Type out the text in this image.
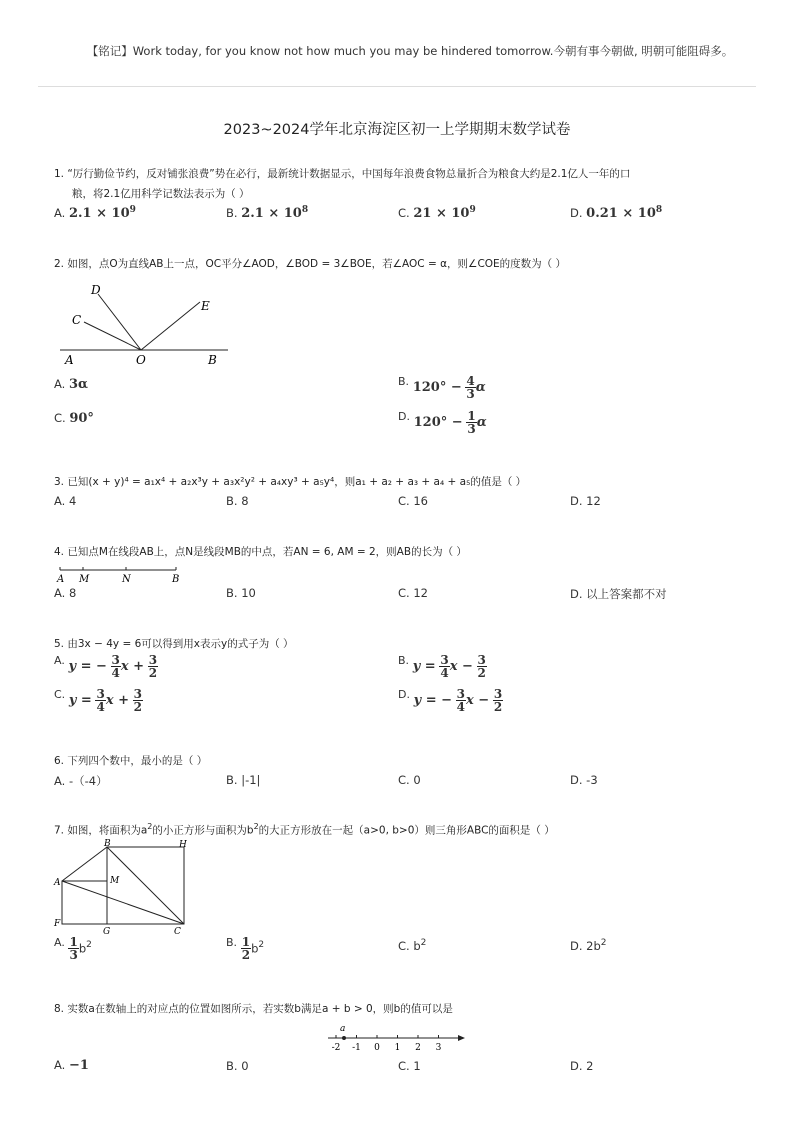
【铭记】Work today, for you know not how much you may be hindered tomorrow.今朝有事今朝做, 明朝可能阻碍多。
2023~2024学年北京海淀区初一上学期期末数学试卷
1. “厉行勤俭节约，反对铺张浪费”势在必行，最新统计数据显示，中国每年浪费食物总量折合为粮食大约是2.1亿人一年的口
粮，将2.1亿用科学记数法表示为（ ）
A. $2.1 \times 10^9$	B. $2.1 \times 10^8$	C. $21 \times 10^9$	D. $0.21 \times 10^8$
2. 如图，点O为直线AB上一点，OC平分∠AOD，∠BOD = 3∠BOE，若∠AOC = α，则∠COE的度数为（ ）
D
C
E
A	O	B
A. 3α	B. $120^\circ - \frac{4}{3}$ α
C. 90°	D. $120^\circ - \frac{1}{3}$ α
3. 已知(x + y)⁴ = a₁x⁴ + a₂x³y + a₃x²y² + a₄xy³ + a₅y⁴，则a₁ + a₂ + a₃ + a₄ + a₅的值是（ ）
A. 4	B. 8	C. 16	D. 12
4. 已知点M在线段AB上，点N是线段MB的中点，若AN = 6, AM = 2，则AB的长为（ ）
A M	N	B
A. 8	B. 10	C. 12	D. 以上答案都不对
5. 由3x − 4y = 6可以得到用x表示y的式子为（ ）
A. y = − $\frac{3}{4}$ $x + \frac{3}{2}$	B. $y = \frac{3}{4}$ $x - \frac{3}{2}$
C. $y = \frac{3}{4}$ $x + \frac{3}{2}$	D. y = − $\frac{3}{4}$ $x - \frac{3}{2}$
6. 下列四个数中，最小的是（ ）
A. -（-4）	B. |-1|	C. 0	D. -3
7. 如图，将面积为$a^2$的小正方形与面积为$b^2$的大正方形放在一起（a>0, b>0）则三角形ABC的面积是（ ）
B	H
A	M
F
G	C
A. $\frac{1}{3} b^2$	B. $\frac{1}{2} b^2$	C. $b^2$	D. $2b^2$
8. 实数a在数轴上的对应点的位置如图所示，若实数b满足a + b > 0，则b的值可以是
-2 -1 0 1 2 3
a
A. −1	B. 0	C. 1	D. 2
